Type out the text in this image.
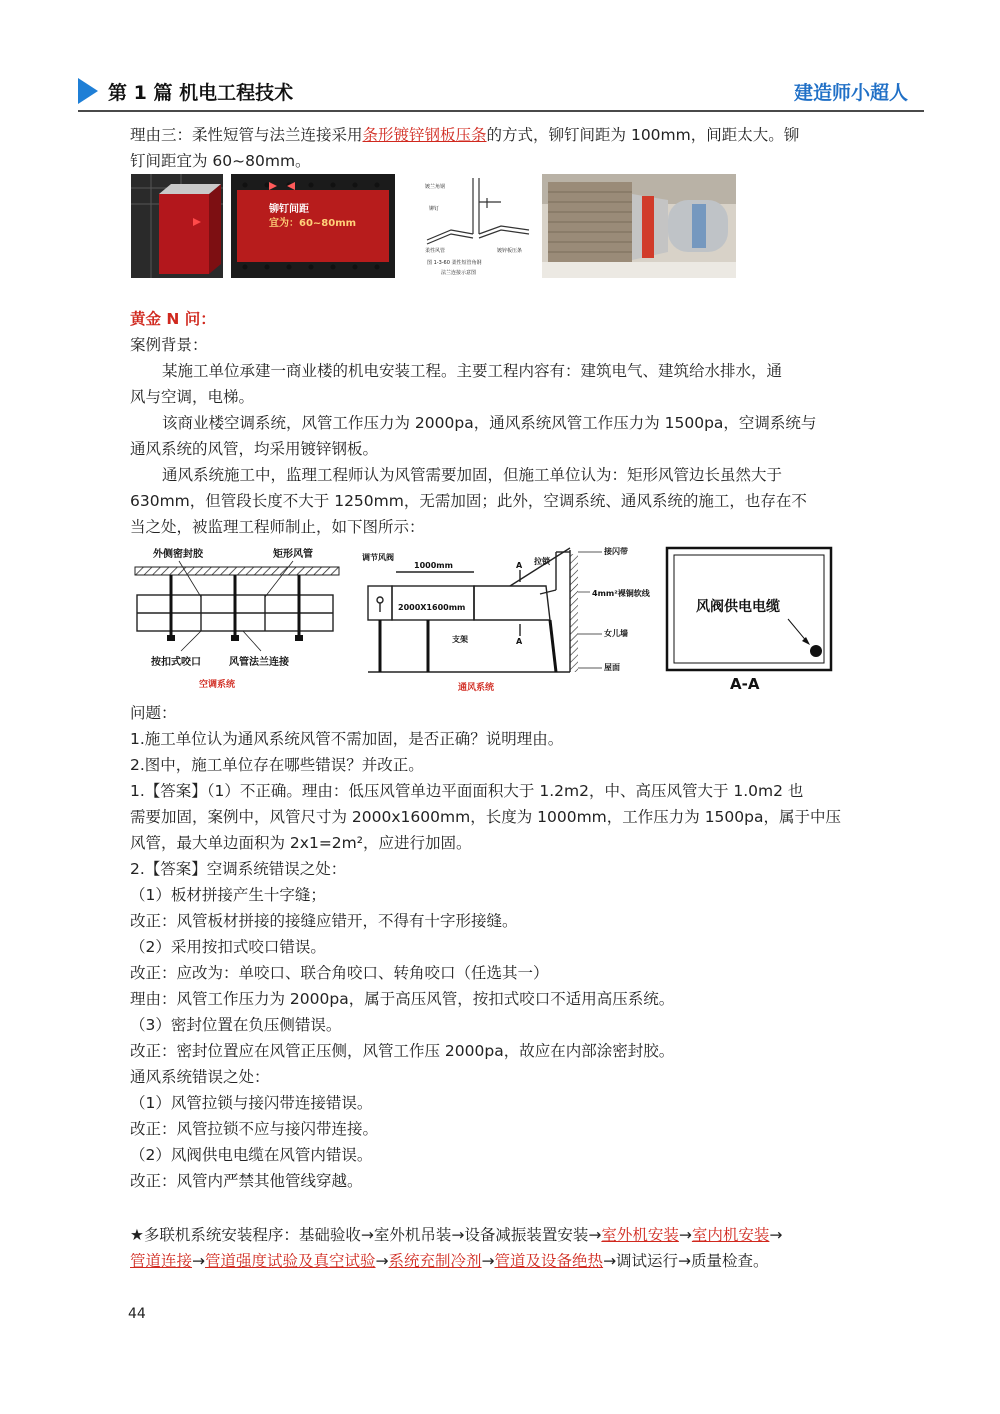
第 1 篇 机电工程技术	建造师小超人

理由三：柔性短管与法兰连接采用条形镀锌钢板压条的方式，铆钉间距为 100mm，间距太大。铆

钉间距宜为 60~80mm。

铆钉间距
宜为：60~80mm
镀兰角钢
铆钉
柔性风管	镀锌板压条
图 1-3-60 柔性短管角钢
法兰连接示意图

黄金 N 问：

案例背景：

某施工单位承建一商业楼的机电安装工程。主要工程内容有：建筑电气、建筑给水排水，通

风与空调，电梯。

该商业楼空调系统，风管工作压力为 2000pa，通风系统风管工作压力为 1500pa，空调系统与

通风系统的风管，均采用镀锌钢板。

通风系统施工中，监理工程师认为风管需要加固，但施工单位认为：矩形风管边长虽然大于

630mm，但管段长度不大于 1250mm，无需加固；此外，空调系统、通风系统的施工，也存在不

当之处，被监理工程师制止，如下图所示：

外侧密封胶	矩形风管
按扣式咬口	风管法兰连接
空调系统
调节风阀
1000mm	A 拉锁
接闪带
2000X1600mm
4mm²裸铜软线
支架	A
女儿墙
屋面
通风系统
风阀供电电缆
A-A

问题：

1.施工单位认为通风系统风管不需加固，是否正确？说明理由。

2.图中，施工单位存在哪些错误？并改正。

1.【答案】（1）不正确。理由：低压风管单边平面面积大于 1.2m2，中、高压风管大于 1.0m2 也

需要加固，案例中，风管尺寸为 2000x1600mm，长度为 1000mm，工作压力为 1500pa，属于中压

风管，最大单边面积为 2x1=2m²，应进行加固。

2.【答案】空调系统错误之处：

（1）板材拼接产生十字缝；

改正：风管板材拼接的接缝应错开，不得有十字形接缝。

（2）采用按扣式咬口错误。

改正：应改为：单咬口、联合角咬口、转角咬口（任选其一）

理由：风管工作压力为 2000pa，属于高压风管，按扣式咬口不适用高压系统。

（3）密封位置在负压侧错误。

改正：密封位置应在风管正压侧，风管工作压 2000pa，故应在内部涂密封胶。

通风系统错误之处：

（1）风管拉锁与接闪带连接错误。

改正：风管拉锁不应与接闪带连接。

（2）风阀供电电缆在风管内错误。

改正：风管内严禁其他管线穿越。

★多联机系统安装程序：基础验收→室外机吊装→设备减振装置安装→室外机安装→室内机安装→

管道连接→管道强度试验及真空试验→系统充制冷剂→管道及设备绝热→调试运行→质量检查。

44
